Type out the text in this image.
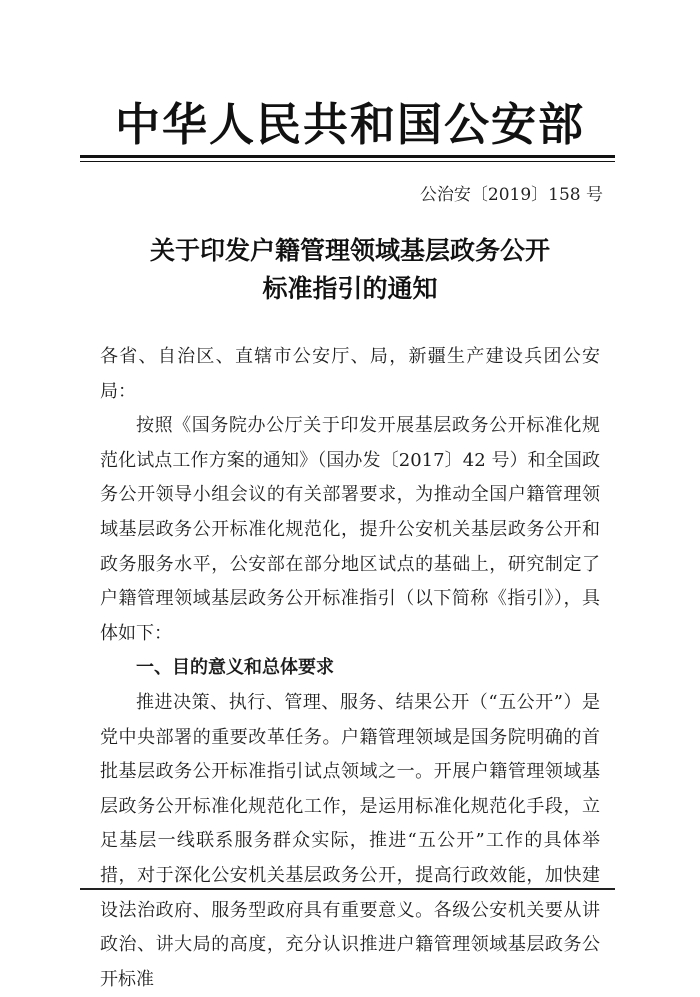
中华人民共和国公安部
公治安〔2019〕158 号
关于印发户籍管理领域基层政务公开
标准指引的通知

各省、自治区、直辖市公安厅、局，新疆生产建设兵团公安局：

按照《国务院办公厅关于印发开展基层政务公开标准化规范化试点工作方案的通知》（国办发〔2017〕42 号）和全国政务公开领导小组会议的有关部署要求，为推动全国户籍管理领域基层政务公开标准化规范化，提升公安机关基层政务公开和政务服务水平，公安部在部分地区试点的基础上，研究制定了户籍管理领域基层政务公开标准指引（以下简称《指引》），具体如下：

一、目的意义和总体要求

推进决策、执行、管理、服务、结果公开（“五公开”）是党中央部署的重要改革任务。户籍管理领域是国务院明确的首批基层政务公开标准指引试点领域之一。开展户籍管理领域基层政务公开标准化规范化工作，是运用标准化规范化手段，立足基层一线联系服务群众实际，推进“五公开”工作的具体举措，对于深化公安机关基层政务公开，提高行政效能，加快建设法治政府、服务型政府具有重要意义。各级公安机关要从讲政治、讲大局的高度，充分认识推进户籍管理领域基层政务公开标准
